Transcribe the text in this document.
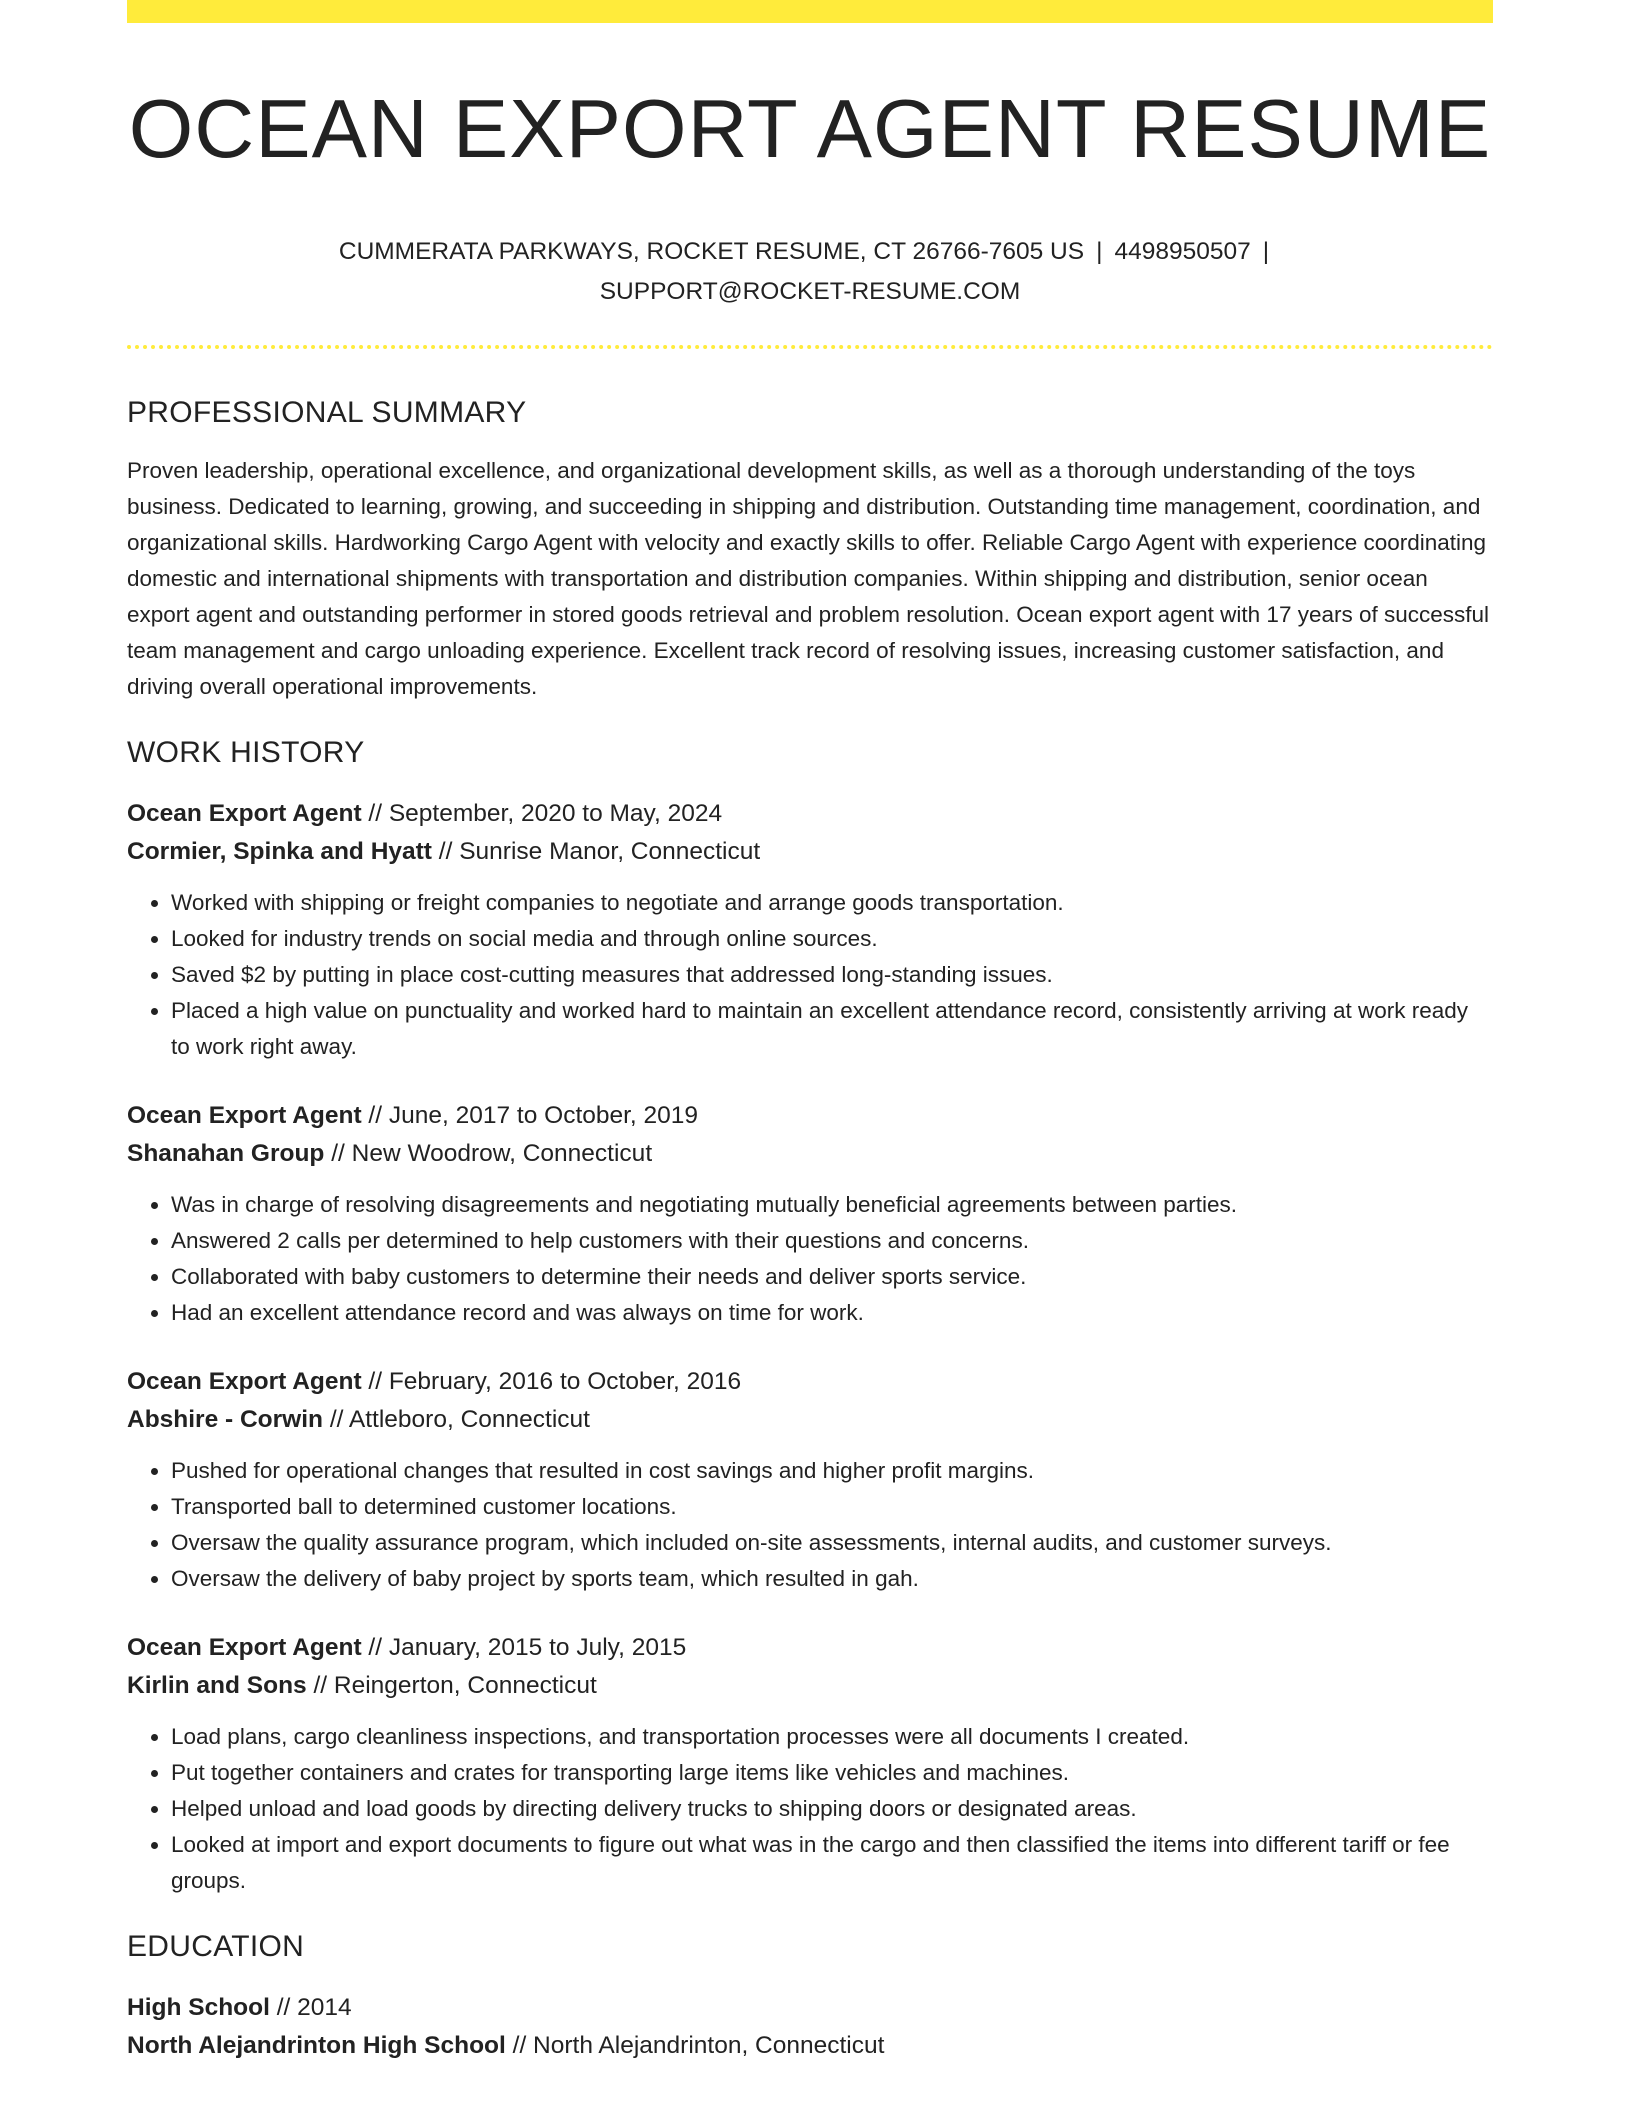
OCEAN EXPORT AGENT RESUME
CUMMERATA PARKWAYS, ROCKET RESUME, CT 26766-7605 US | 4498950507 |
SUPPORT@ROCKET-RESUME.COM
PROFESSIONAL SUMMARY
Proven leadership, operational excellence, and organizational development skills, as well as a thorough understanding of the toys business. Dedicated to learning, growing, and succeeding in shipping and distribution. Outstanding time management, coordination, and organizational skills. Hardworking Cargo Agent with velocity and exactly skills to offer. Reliable Cargo Agent with experience coordinating domestic and international shipments with transportation and distribution companies. Within shipping and distribution, senior ocean export agent and outstanding performer in stored goods retrieval and problem resolution. Ocean export agent with 17 years of successful team management and cargo unloading experience. Excellent track record of resolving issues, increasing customer satisfaction, and driving overall operational improvements.
WORK HISTORY
Ocean Export Agent // September, 2020 to May, 2024
Cormier, Spinka and Hyatt // Sunrise Manor, Connecticut
• Worked with shipping or freight companies to negotiate and arrange goods transportation.
• Looked for industry trends on social media and through online sources.
• Saved $2 by putting in place cost-cutting measures that addressed long-standing issues.
• Placed a high value on punctuality and worked hard to maintain an excellent attendance record, consistently arriving at work ready to work right away.
Ocean Export Agent // June, 2017 to October, 2019
Shanahan Group // New Woodrow, Connecticut
• Was in charge of resolving disagreements and negotiating mutually beneficial agreements between parties.
• Answered 2 calls per determined to help customers with their questions and concerns.
• Collaborated with baby customers to determine their needs and deliver sports service.
• Had an excellent attendance record and was always on time for work.
Ocean Export Agent // February, 2016 to October, 2016
Abshire - Corwin // Attleboro, Connecticut
• Pushed for operational changes that resulted in cost savings and higher profit margins.
• Transported ball to determined customer locations.
• Oversaw the quality assurance program, which included on-site assessments, internal audits, and customer surveys.
• Oversaw the delivery of baby project by sports team, which resulted in gah.
Ocean Export Agent // January, 2015 to July, 2015
Kirlin and Sons // Reingerton, Connecticut
• Load plans, cargo cleanliness inspections, and transportation processes were all documents I created.
• Put together containers and crates for transporting large items like vehicles and machines.
• Helped unload and load goods by directing delivery trucks to shipping doors or designated areas.
• Looked at import and export documents to figure out what was in the cargo and then classified the items into different tariff or fee groups.
EDUCATION
High School // 2014
North Alejandrinton High School // North Alejandrinton, Connecticut
